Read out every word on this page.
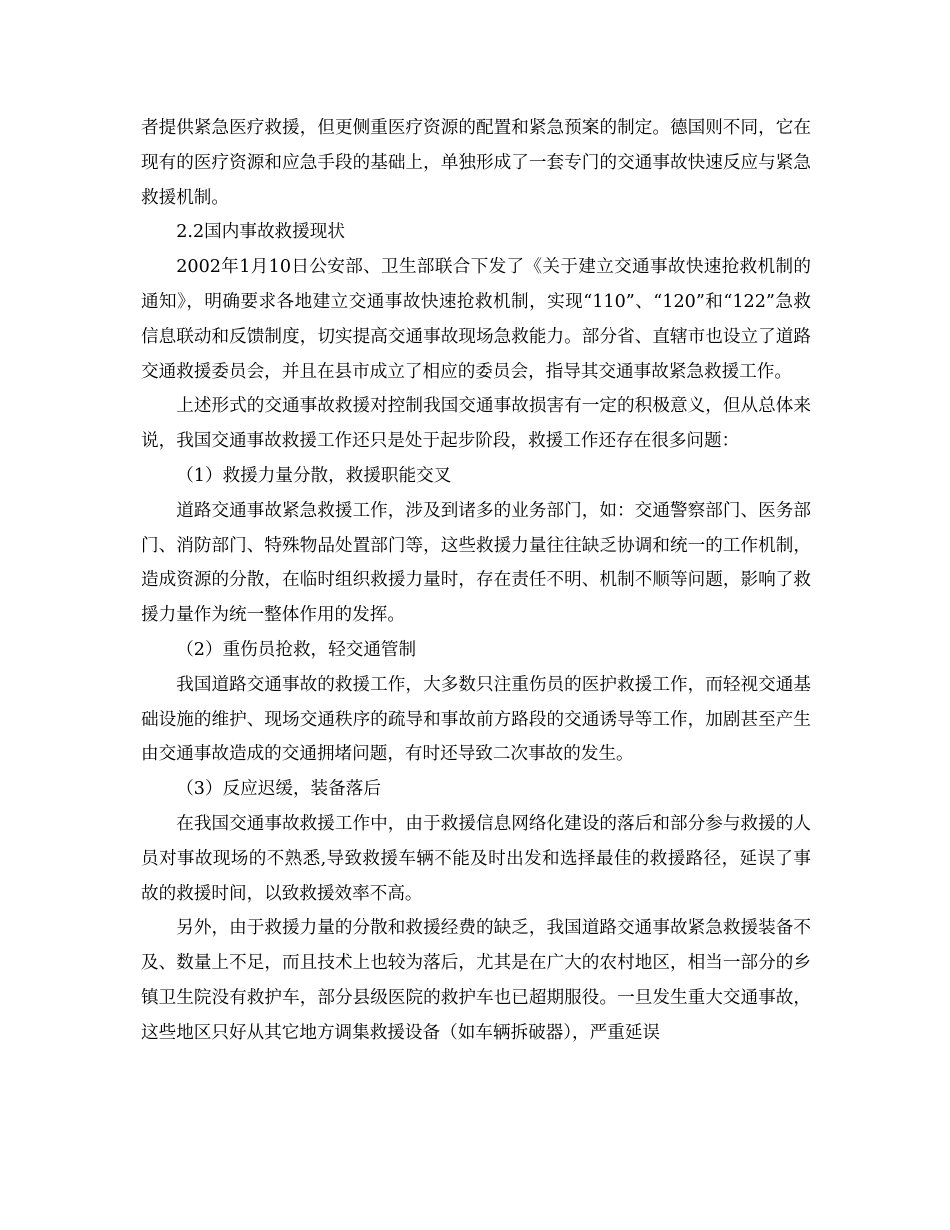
者提供紧急医疗救援，但更侧重医疗资源的配置和紧急预案的制定。德国则不同，它在现有的医疗资源和应急手段的基础上，单独形成了一套专门的交通事故快速反应与紧急救援机制。

2.2国内事故救援现状

2002年1月10日公安部、卫生部联合下发了《关于建立交通事故快速抢救机制的通知》，明确要求各地建立交通事故快速抢救机制，实现“110”、“120”和“122”急救信息联动和反馈制度，切实提高交通事故现场急救能力。部分省、直辖市也设立了道路交通救援委员会，并且在县市成立了相应的委员会，指导其交通事故紧急救援工作。

上述形式的交通事故救援对控制我国交通事故损害有一定的积极意义，但从总体来说，我国交通事故救援工作还只是处于起步阶段，救援工作还存在很多问题：

（1）救援力量分散，救援职能交叉

道路交通事故紧急救援工作，涉及到诸多的业务部门，如：交通警察部门、医务部门、消防部门、特殊物品处置部门等，这些救援力量往往缺乏协调和统一的工作机制，造成资源的分散，在临时组织救援力量时，存在责任不明、机制不顺等问题，影响了救援力量作为统一整体作用的发挥。

（2）重伤员抢救，轻交通管制

我国道路交通事故的救援工作，大多数只注重伤员的医护救援工作，而轻视交通基础设施的维护、现场交通秩序的疏导和事故前方路段的交通诱导等工作，加剧甚至产生由交通事故造成的交通拥堵问题，有时还导致二次事故的发生。

（3）反应迟缓，装备落后

在我国交通事故救援工作中，由于救援信息网络化建设的落后和部分参与救援的人员对事故现场的不熟悉,导致救援车辆不能及时出发和选择最佳的救援路径，延误了事故的救援时间，以致救援效率不高。

另外，由于救援力量的分散和救援经费的缺乏，我国道路交通事故紧急救援装备不及、数量上不足，而且技术上也较为落后，尤其是在广大的农村地区，相当一部分的乡镇卫生院没有救护车，部分县级医院的救护车也已超期服役。一旦发生重大交通事故，这些地区只好从其它地方调集救援设备（如车辆拆破器），严重延误
